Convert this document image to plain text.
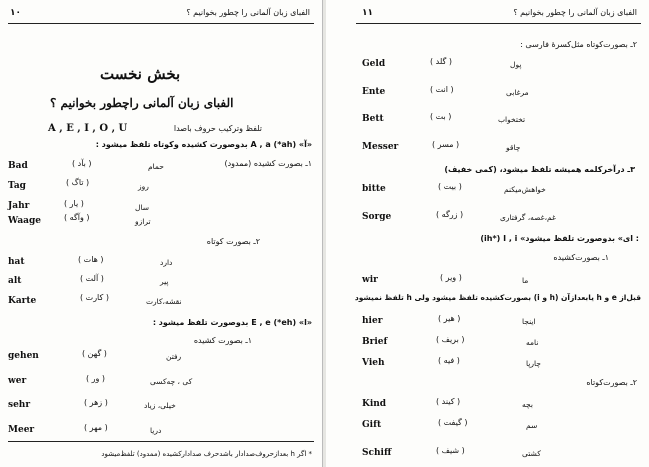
۱۰	الفبای زبان آلمانی را چطور بخوانیم ؟
بخش نخست
الفبای زبان آلمانی راچطور بخوانیم ؟
A , E , I , O , U	تلفظ وترکیب حروف باصدا
«آ» (ah*) A , a بدوصورت کشیده وکوتاه تلفظ میشود :
۱ـ بصورت کشیده (ممدود)
Bad	( بآد )	حمام
Tag	( تاگ )	روز
Jahr	( یار )	سال
Waage	( وآگه )	ترازو
۲ـ بصورت کوتاه
hat	( هات )	دارد
alt	( آلت )	پیر
Karte	( کارت )	نقشه،کارت
«ا» (eh*) E , e بدوصورت تلفظ میشود :
۱ـ بصورت کشیده
gehen	( گهن )	رفتن
wer	( ور )	کی ، چه‌کسی
sehr	( زهر )	خیلی، زیاد
Meer	( مهر )	دریا
* اگر h بعدازحروف‌صدادار باشدحرف صدادارکشیده (ممدود) تلفظ‌میشود
۱۱	الفبای زبان آلمانی را چطور بخوانیم ؟
۲ـ بصورت‌کوتاه مثل‌کسرهٔ فارسی :
Geld	( گلد )	پول
Ente	( انت )	مرغابی
Bett	( بت )	تختخواب
Messer	( مسر )	چاقو
۳ـ درآخرکلمه همیشه تلفظ میشود، (کمی خفیف)
bitte	( بیت )	خواهش‌میکنم
Sorge	( زرگه )	غم،غصه، گرفتاری
(ih*) I , i «ای» بدوصورت تلفظ میشود :
۱ـ بصورت‌کشیده
wir	( ویر )	ما
قبل‌از e و h یابعدازآن (h و i) بصورت‌کشیده تلفظ میشود ولی h تلفظ نمیشود
hier	( هیر )	اینجا
Brief	( بریف )	نامه
Vieh	( فیه )	چارپا
۲ـ بصورت‌کوتاه
Kind	( کیند )	بچه
Gift	( گیفت )	سم
Schiff	( شیف )	کشتی
